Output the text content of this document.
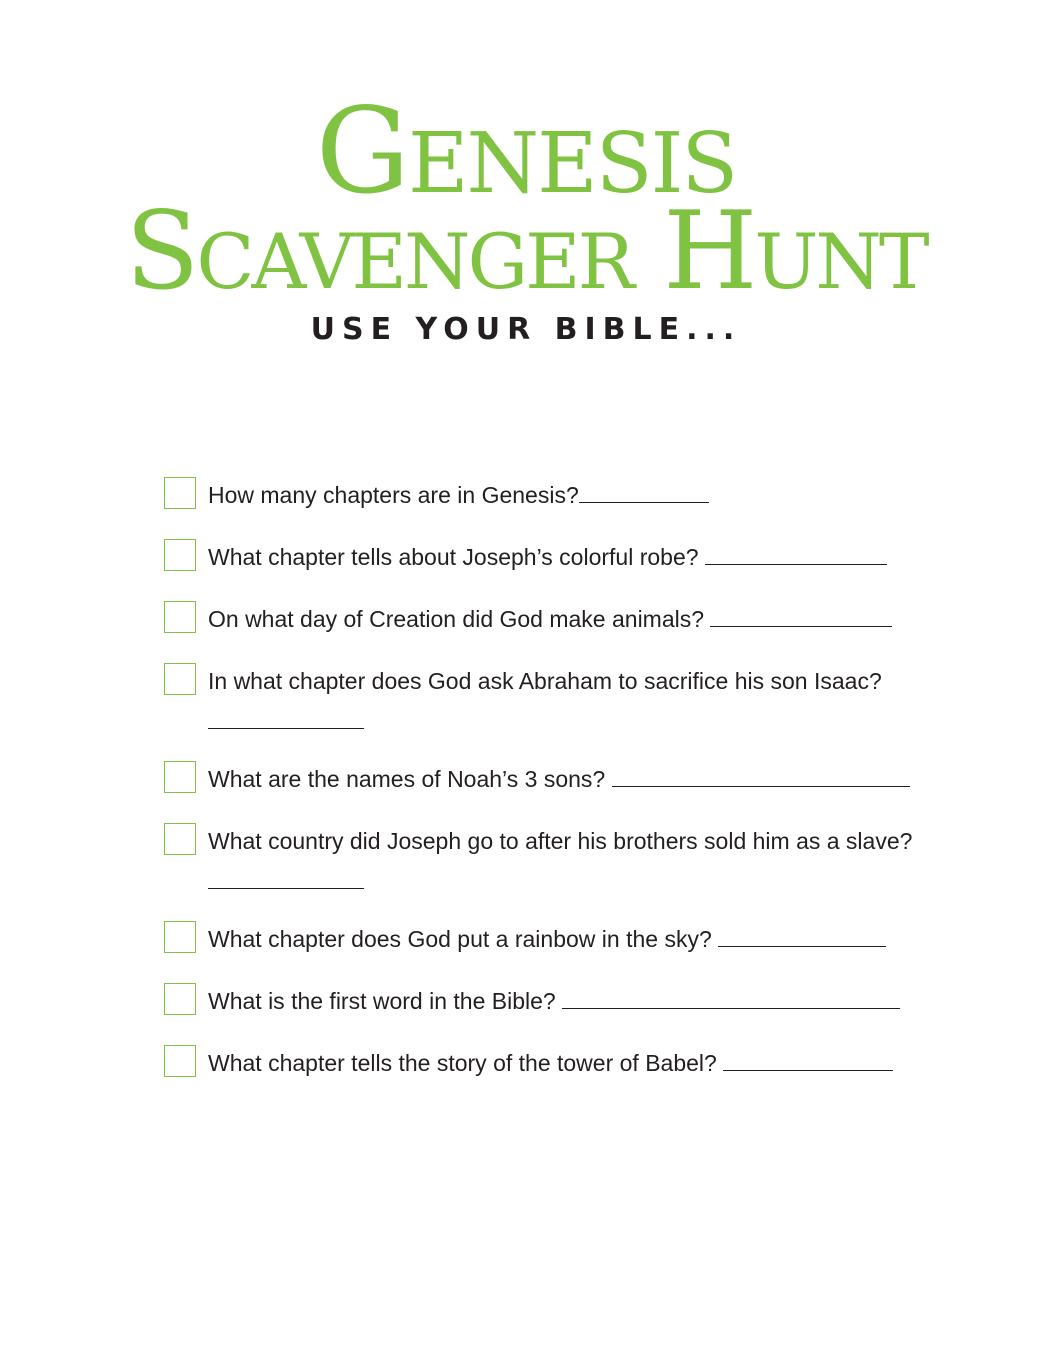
Genesis
Scavenger Hunt
USE YOUR BIBLE...
How many chapters are in Genesis?
What chapter tells about Joseph’s colorful robe?
On what day of Creation did God make animals?
In what chapter does God ask Abraham to sacrifice his son Isaac?
What are the names of Noah’s 3 sons?
What country did Joseph go to after his brothers sold him as a slave?
What chapter does God put a rainbow in the sky?
What is the first word in the Bible?
What chapter tells the story of the tower of Babel?
